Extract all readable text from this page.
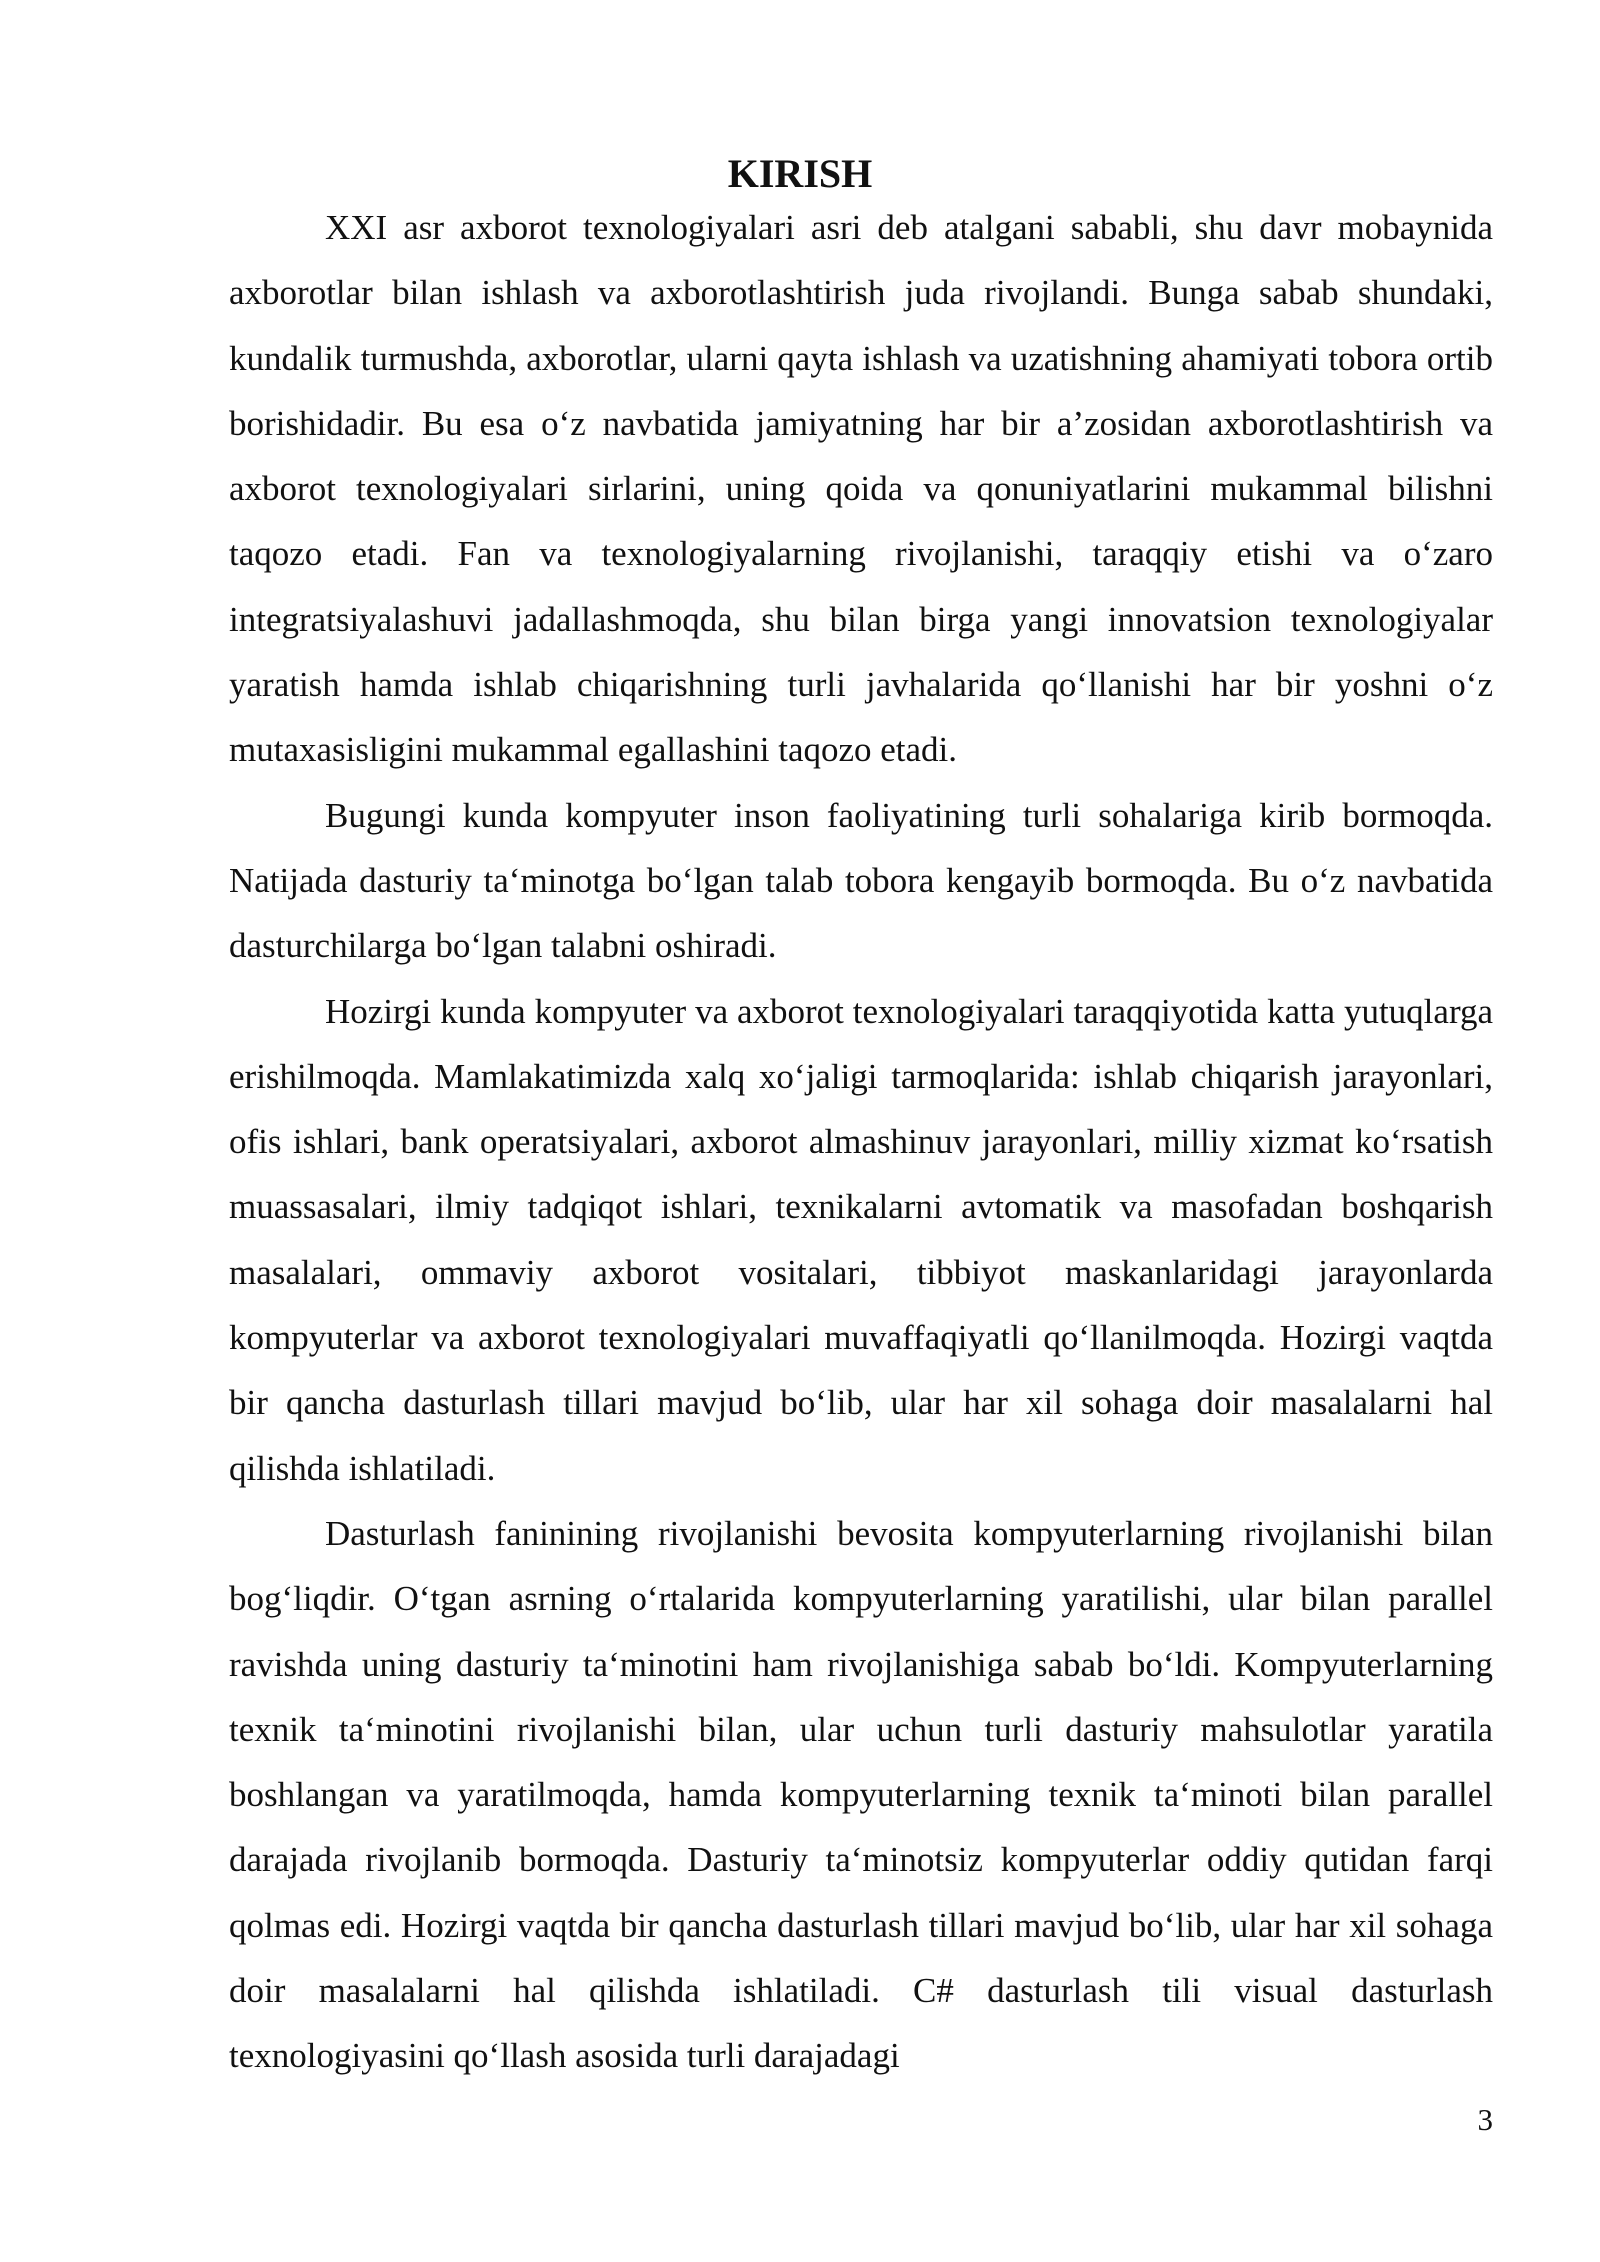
KIRISH

XXI asr axborot texnologiyalari asri deb atalgani sababli, shu davr mobaynida axborotlar bilan ishlash va axborotlashtirish juda rivojlandi. Bunga sabab shundaki, kundalik turmushda, axborotlar, ularni qayta ishlash va uzatishning ahamiyati tobora ortib borishidadir. Bu esa o‘z navbatida jamiyatning har bir a’zosidan axborotlashtirish va axborot texnologiyalari sirlarini, uning qoida va qonuniyatlarini mukammal bilishni taqozo etadi. Fan va texnologiyalarning rivojlanishi, taraqqiy etishi va o‘zaro integratsiyalashuvi jadallashmoqda, shu bilan birga yangi innovatsion texnologiyalar yaratish hamda ishlab chiqarishning turli javhalarida qo‘llanishi har bir yoshni o‘z mutaxasisligini mukammal egallashini taqozo etadi.

Bugungi kunda kompyuter inson faoliyatining turli sohalariga kirib bormoqda. Natijada dasturiy ta‘minotga bo‘lgan talab tobora kengayib bormoqda. Bu o‘z navbatida dasturchilarga bo‘lgan talabni oshiradi.

Hozirgi kunda kompyuter va axborot texnologiyalari taraqqiyotida katta yutuqlarga erishilmoqda. Mamlakatimizda xalq xo‘jaligi tarmoqlarida: ishlab chiqarish jarayonlari, ofis ishlari, bank operatsiyalari, axborot almashinuv jarayonlari, milliy xizmat ko‘rsatish muassasalari, ilmiy tadqiqot ishlari, texnikalarni avtomatik va masofadan boshqarish masalalari, ommaviy axborot vositalari, tibbiyot maskanlaridagi jarayonlarda kompyuterlar va axborot texnologiyalari muvaffaqiyatli qo‘llanilmoqda. Hozirgi vaqtda bir qancha dasturlash tillari mavjud bo‘lib, ular har xil sohaga doir masalalarni hal qilishda ishlatiladi.

Dasturlash faninining rivojlanishi bevosita kompyuterlarning rivojlanishi bilan bog‘liqdir. O‘tgan asrning o‘rtalarida kompyuterlarning yaratilishi, ular bilan parallel ravishda uning dasturiy ta‘minotini ham rivojlanishiga sabab bo‘ldi. Kompyuterlarning texnik ta‘minotini rivojlanishi bilan, ular uchun turli dasturiy mahsulotlar yaratila boshlangan va yaratilmoqda, hamda kompyuterlarning texnik ta‘minoti bilan parallel darajada rivojlanib bormoqda. Dasturiy ta‘minotsiz kompyuterlar oddiy qutidan farqi qolmas edi. Hozirgi vaqtda bir qancha dasturlash tillari mavjud bo‘lib, ular har xil sohaga doir masalalarni hal qilishda ishlatiladi. C# dasturlash tili visual dasturlash texnologiyasini qo‘llash asosida turli darajadagi

3
